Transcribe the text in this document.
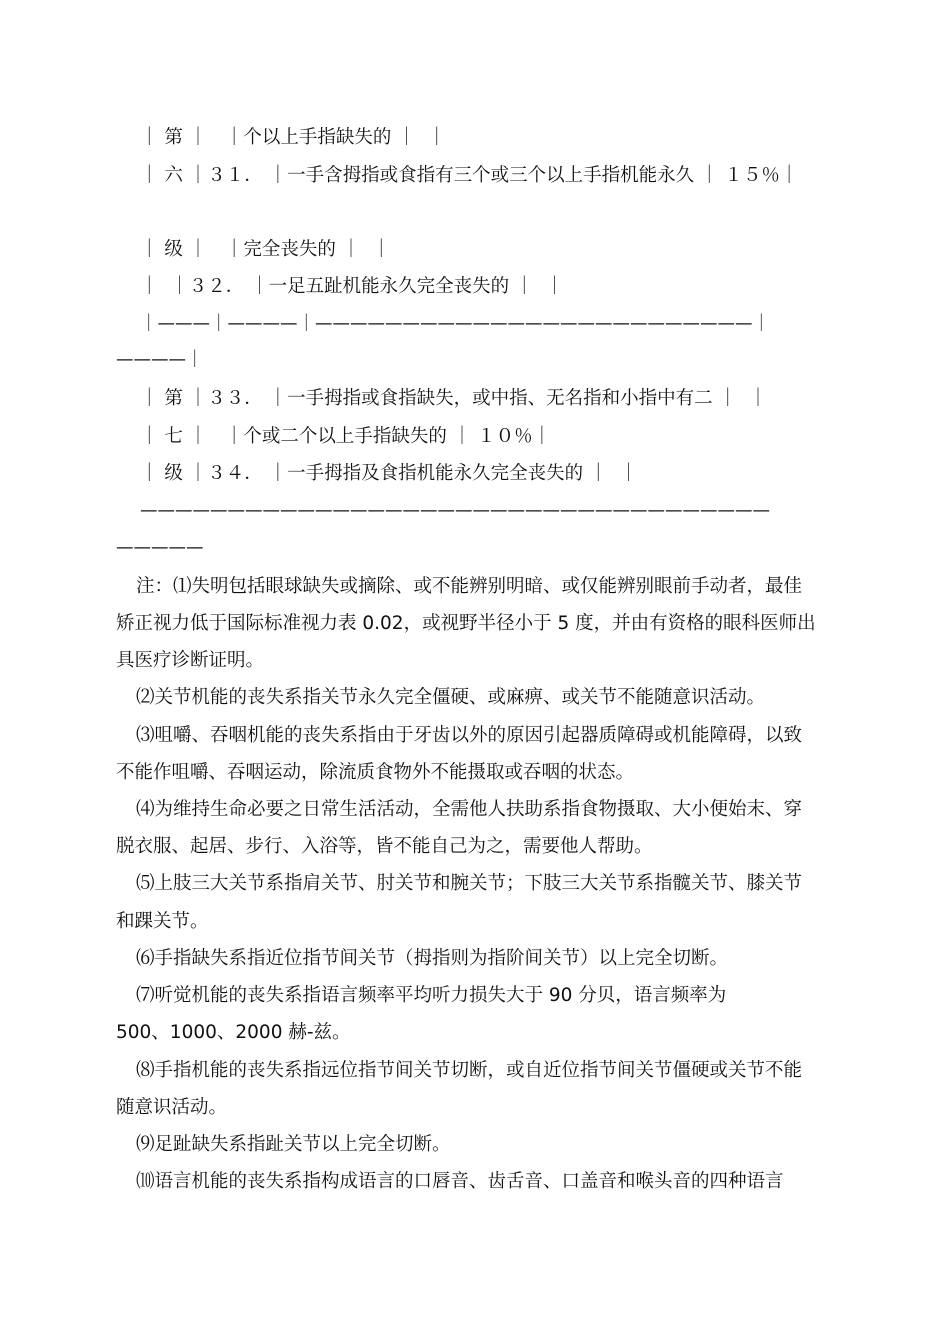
｜ 第 ｜   ｜个以上手指缺失的 ｜  ｜
｜ 六 ｜３１． ｜一手含拇指或食指有三个或三个以上手指机能永久 ｜ １５％｜
｜ 级 ｜   ｜完全丧失的 ｜  ｜
｜  ｜３２． ｜一足五趾机能永久完全丧失的 ｜  ｜
｜———｜————｜—————————————————————————｜
————｜
｜ 第 ｜３３． ｜一手拇指或食指缺失，或中指、无名指和小指中有二 ｜  ｜
｜ 七 ｜   ｜个或二个以上手指缺失的 ｜ １０％｜
｜ 级 ｜３４． ｜一手拇指及食指机能永久完全丧失的 ｜  ｜
————————————————————————————————————
—————
注：⑴失明包括眼球缺失或摘除、或不能辨别明暗、或仅能辨别眼前手动者，最佳
矫正视力低于国际标准视力表 0.02，或视野半径小于 5 度，并由有资格的眼科医师出
具医疗诊断证明。
⑵关节机能的丧失系指关节永久完全僵硬、或麻痹、或关节不能随意识活动。
⑶咀嚼、吞咽机能的丧失系指由于牙齿以外的原因引起器质障碍或机能障碍，以致
不能作咀嚼、吞咽运动，除流质食物外不能摄取或吞咽的状态。
⑷为维持生命必要之日常生活活动，全需他人扶助系指食物摄取、大小便始末、穿
脱衣服、起居、步行、入浴等，皆不能自己为之，需要他人帮助。
⑸上肢三大关节系指肩关节、肘关节和腕关节；下肢三大关节系指髋关节、膝关节
和踝关节。
⑹手指缺失系指近位指节间关节（拇指则为指阶间关节）以上完全切断。
⑺听觉机能的丧失系指语言频率平均听力损失大于 90 分贝，语言频率为
500、1000、2000 赫-兹。
⑻手指机能的丧失系指远位指节间关节切断，或自近位指节间关节僵硬或关节不能
随意识活动。
⑼足趾缺失系指趾关节以上完全切断。
⑽语言机能的丧失系指构成语言的口唇音、齿舌音、口盖音和喉头音的四种语言
